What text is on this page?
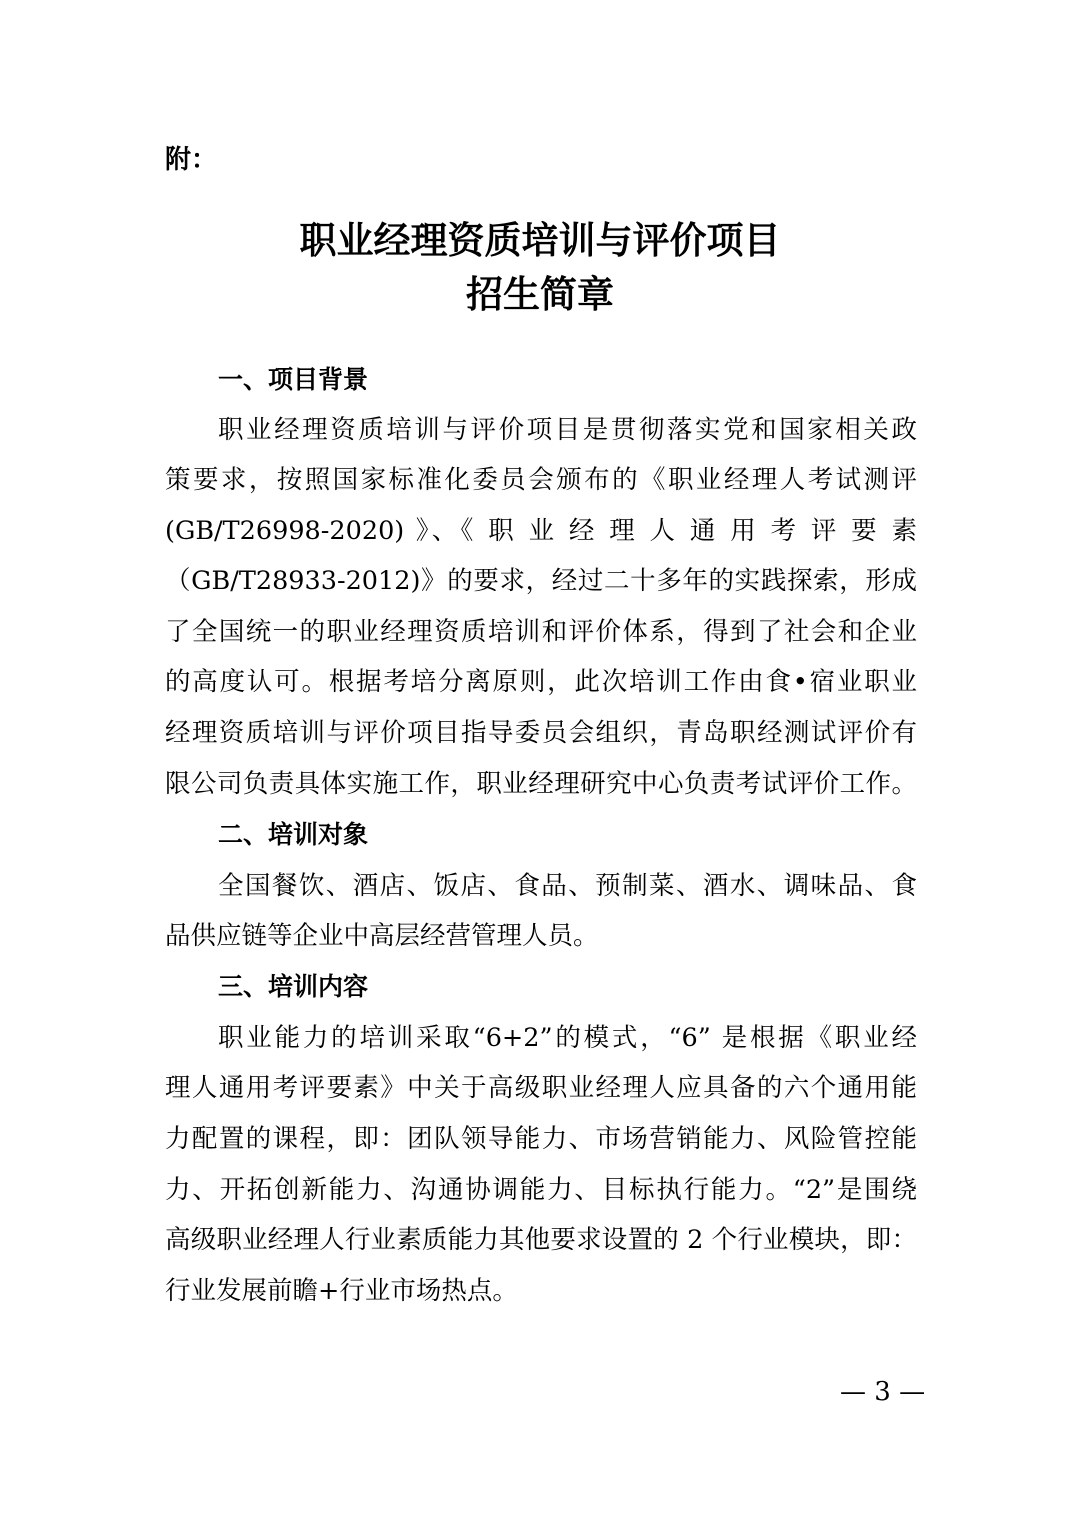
附：
职业经理资质培训与评价项目
招生简章
一、项目背景
职业经理资质培训与评价项目是贯彻落实党和国家相关政
策要求，按照国家标准化委员会颁布的《职业经理人考试测评
(GB/T26998-2020) 》、《 职 业 经 理 人 通 用 考 评 要 素
（GB/T28933-2012)》的要求，经过二十多年的实践探索，形成
了全国统一的职业经理资质培训和评价体系，得到了社会和企业
的高度认可。根据考培分离原则，此次培训工作由食•宿业职业
经理资质培训与评价项目指导委员会组织，青岛职经测试评价有
限公司负责具体实施工作，职业经理研究中心负责考试评价工作。
二、培训对象
全国餐饮、酒店、饭店、食品、预制菜、酒水、调味品、食
品供应链等企业中高层经营管理人员。
三、培训内容
职业能力的培训采取“6+2”的模式，“6” 是根据《职业经
理人通用考评要素》中关于高级职业经理人应具备的六个通用能
力配置的课程，即：团队领导能力、市场营销能力、风险管控能
力、开拓创新能力、沟通协调能力、目标执行能力。“2”是围绕
高级职业经理人行业素质能力其他要求设置的 2 个行业模块，即：
行业发展前瞻+行业市场热点。
— 3 —
